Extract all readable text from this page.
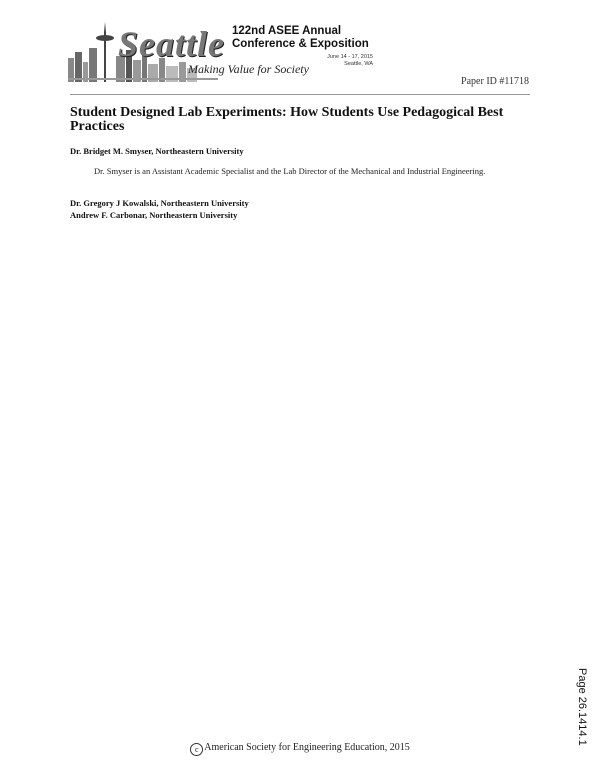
Seattle
Making Value for Society
122nd ASEE Annual
Conference & Exposition
June 14 - 17, 2015
Seattle, WA
Paper ID #11718
Student Designed Lab Experiments: How Students Use Pedagogical Best Practices
Dr. Bridget M. Smyser, Northeastern University
Dr. Smyser is an Assistant Academic Specialist and the Lab Director of the Mechanical and Industrial Engineering.
Dr. Gregory J Kowalski, Northeastern University
Andrew F. Carbonar, Northeastern University
Page 26.1414.1
c American Society for Engineering Education, 2015
